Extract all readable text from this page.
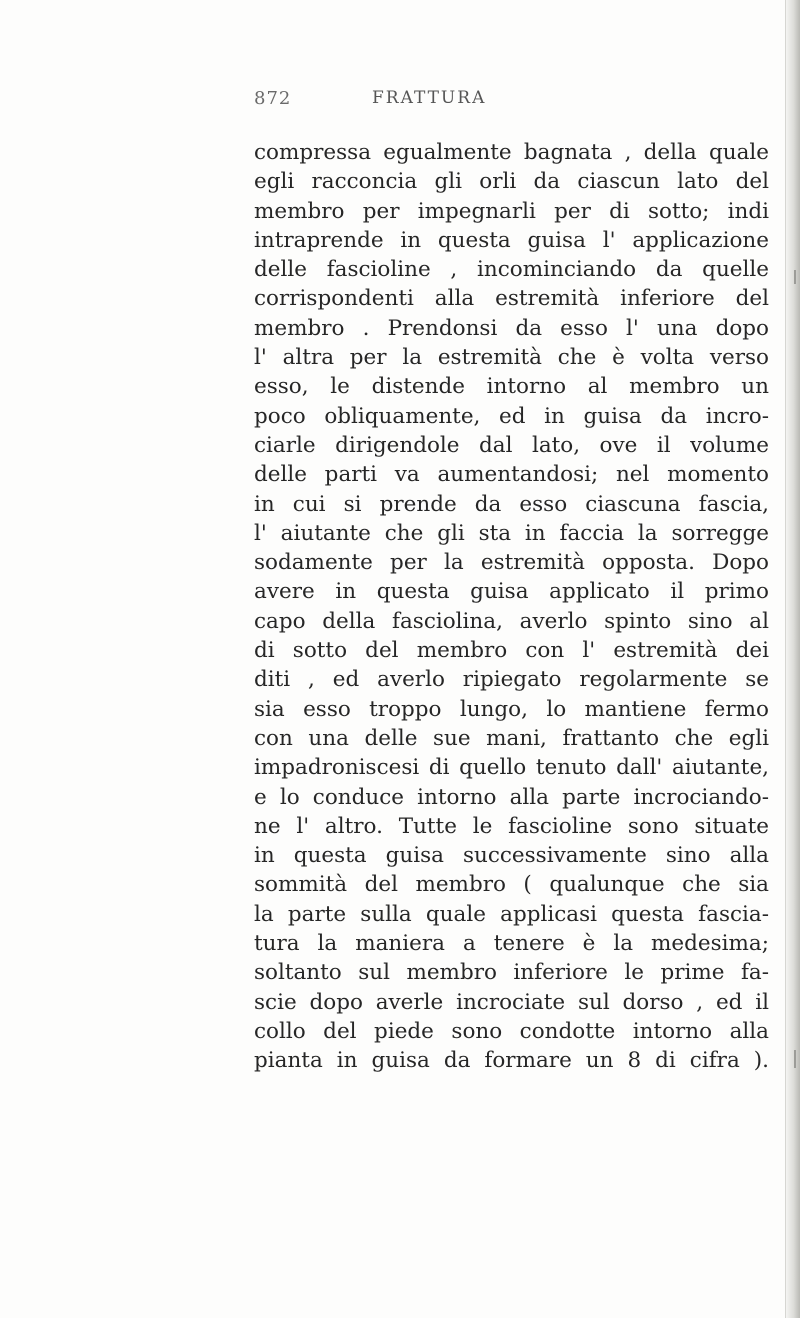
872	FRATTURA
compressa egualmente bagnata , della quale
egli racconcia gli orli da ciascun lato del
membro per impegnarli per di sotto; indi
intraprende in questa guisa l' applicazione
delle fascioline , incominciando da quelle
corrispondenti alla estremità inferiore del
membro . Prendonsi da esso l' una dopo
l' altra per la estremità che è volta verso
esso, le distende intorno al membro un
poco obliquamente, ed in guisa da incro-
ciarle dirigendole dal lato, ove il volume
delle parti va aumentandosi; nel momento
in cui si prende da esso ciascuna fascia,
l' aiutante che gli sta in faccia la sorregge
sodamente per la estremità opposta. Dopo
avere in questa guisa applicato il primo
capo della fasciolina, averlo spinto sino al
di sotto del membro con l' estremità dei
diti , ed averlo ripiegato regolarmente se
sia esso troppo lungo, lo mantiene fermo
con una delle sue mani, frattanto che egli
impadroniscesi di quello tenuto dall' aiutante,
e lo conduce intorno alla parte incrociando-
ne l' altro. Tutte le fascioline sono situate
in questa guisa successivamente sino alla
sommità del membro ( qualunque che sia
la parte sulla quale applicasi questa fascia-
tura la maniera a tenere è la medesima;
soltanto sul membro inferiore le prime fa-
scie dopo averle incrociate sul dorso , ed il
collo del piede sono condotte intorno alla
pianta in guisa da formare un 8 di cifra ).
